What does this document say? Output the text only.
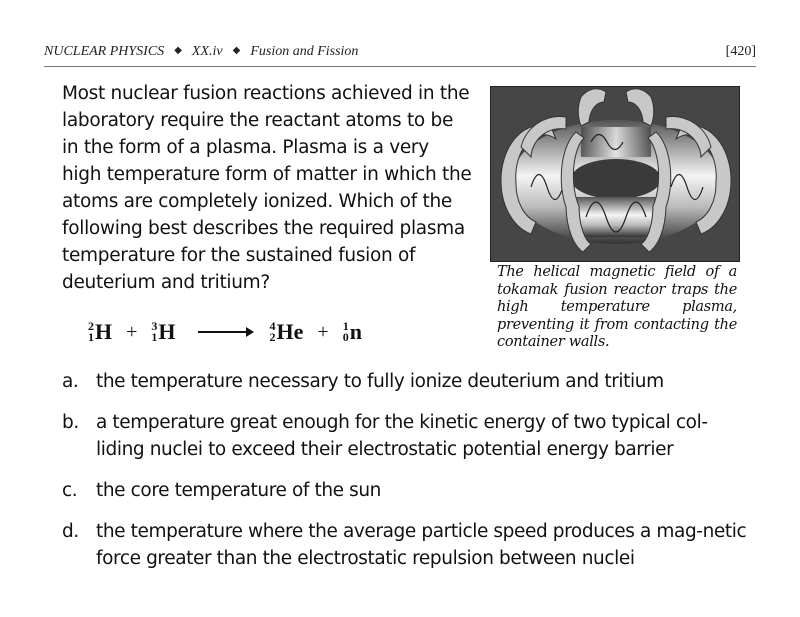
NUCLEAR PHYSICS ◆ XX.iv ◆ Fusion and Fission	[420]
Most nuclear fusion reactions achieved in the laboratory require the reactant atoms to be in the form of a plasma. Plasma is a very high temperature form of matter in which the atoms are completely ionized. Which of the following best describes the required plasma temperature for the sustained fusion of deuterium and tritium?	The helical magnetic field of a tokamak fusion reactor traps the high temperature plasma, preventing it from contacting the container walls.
2
1 H + 3
1 H → 4
2 He + 1
0 n
a. the temperature necessary to fully ionize deuterium and tritium
b. a temperature great enough for the kinetic energy of two typical col-liding nuclei to exceed their electrostatic potential energy barrier
c.	the core temperature of the sun
d. the temperature where the average particle speed produces a mag-netic force greater than the electrostatic repulsion between nuclei
